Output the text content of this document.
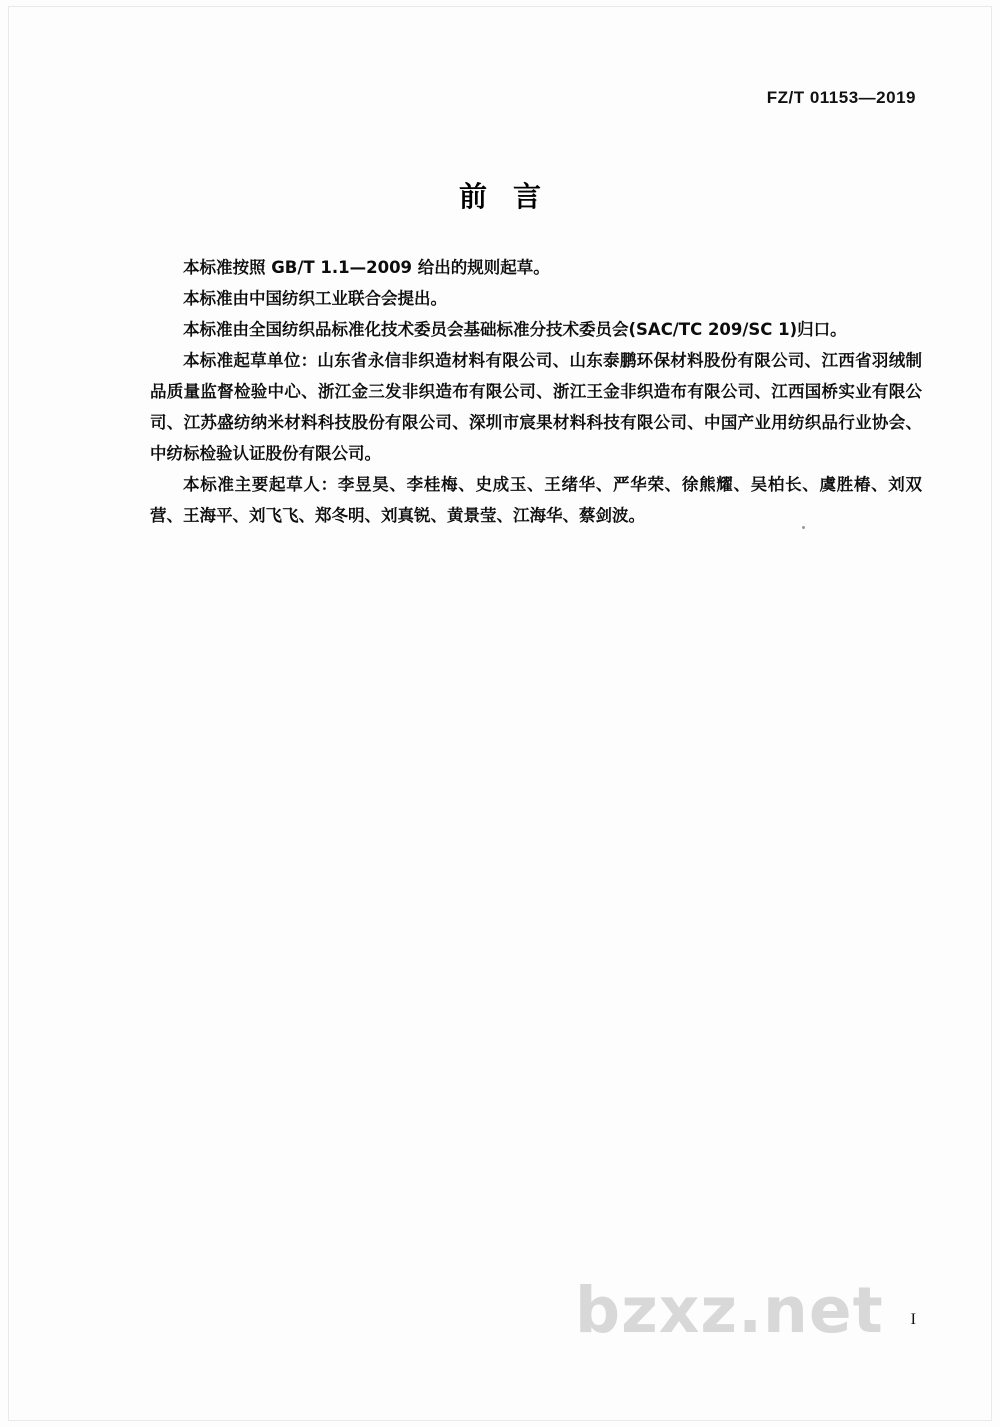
FZ/T 01153—2019
前言

本标准按照 GB/T 1.1—2009 给出的规则起草。

本标准由中国纺织工业联合会提出。

本标准由全国纺织品标准化技术委员会基础标准分技术委员会(SAC/TC 209/SC 1)归口。

本标准起草单位：山东省永信非织造材料有限公司、山东泰鹏环保材料股份有限公司、江西省羽绒制品质量监督检验中心、浙江金三发非织造布有限公司、浙江王金非织造布有限公司、江西国桥实业有限公司、江苏盛纺纳米材料科技股份有限公司、深圳市宸果材料科技有限公司、中国产业用纺织品行业协会、中纺标检验认证股份有限公司。

本标准主要起草人：李昱昊、李桂梅、史成玉、王绪华、严华荣、徐熊耀、吴柏长、虞胜椿、刘双营、王海平、刘飞飞、郑冬明、刘真锐、黄景莹、江海华、蔡剑波。

bzxz.net I
